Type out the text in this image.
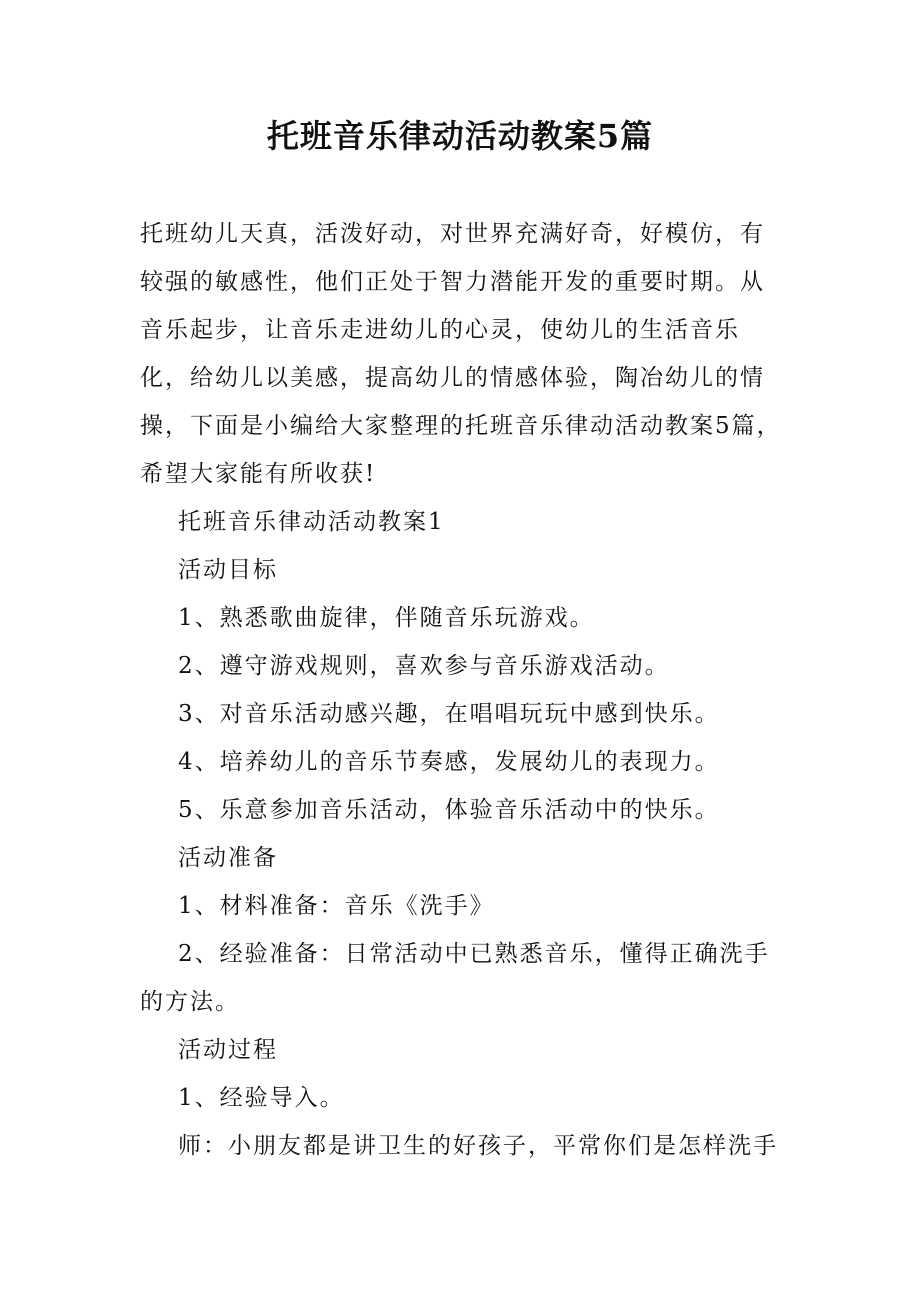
托班音乐律动活动教案5篇

托班幼儿天真，活泼好动，对世界充满好奇，好模仿，有较强的敏感性，他们正处于智力潜能开发的重要时期。从音乐起步，让音乐走进幼儿的心灵，使幼儿的生活音乐化，给幼儿以美感，提高幼儿的情感体验，陶冶幼儿的情操，下面是小编给大家整理的托班音乐律动活动教案5篇，希望大家能有所收获!

托班音乐律动活动教案1

活动目标

1、熟悉歌曲旋律，伴随音乐玩游戏。

2、遵守游戏规则，喜欢参与音乐游戏活动。

3、对音乐活动感兴趣，在唱唱玩玩中感到快乐。

4、培养幼儿的音乐节奏感，发展幼儿的表现力。

5、乐意参加音乐活动，体验音乐活动中的快乐。

活动准备

1、材料准备：音乐《洗手》

2、经验准备：日常活动中已熟悉音乐，懂得正确洗手的方法。

活动过程

1、经验导入。

师：小朋友都是讲卫生的好孩子，平常你们是怎样洗手
